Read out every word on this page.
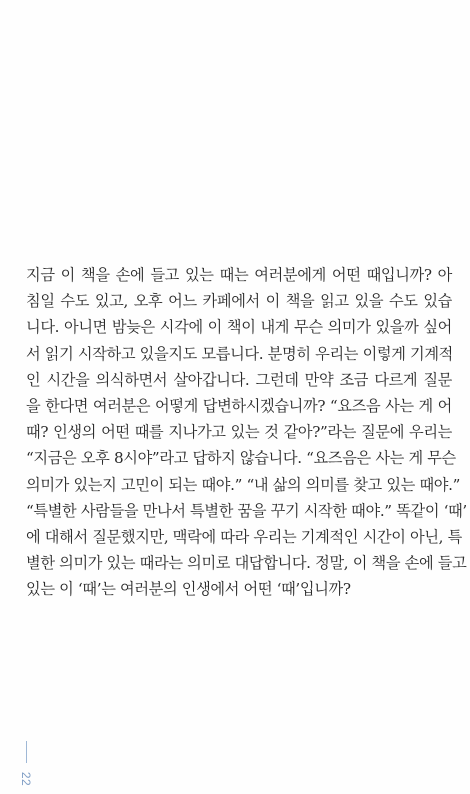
지금 이 책을 손에 들고 있는 때는 여러분에게 어떤 때입니까? 아
침일 수도 있고, 오후 어느 카페에서 이 책을 읽고 있을 수도 있습
니다. 아니면 밤늦은 시각에 이 책이 내게 무슨 의미가 있을까 싶어
서 읽기 시작하고 있을지도 모릅니다. 분명히 우리는 이렇게 기계적
인 시간을 의식하면서 살아갑니다. 그런데 만약 조금 다르게 질문
을 한다면 여러분은 어떻게 답변하시겠습니까? “요즈음 사는 게 어
때? 인생의 어떤 때를 지나가고 있는 것 같아?”라는 질문에 우리는
“지금은 오후 8시야”라고 답하지 않습니다. “요즈음은 사는 게 무슨
의미가 있는지 고민이 되는 때야.” “내 삶의 의미를 찾고 있는 때야.”
“특별한 사람들을 만나서 특별한 꿈을 꾸기 시작한 때야.” 똑같이 ‘때’
에 대해서 질문했지만, 맥락에 따라 우리는 기계적인 시간이 아닌, 특
별한 의미가 있는 때라는 의미로 대답합니다. 정말, 이 책을 손에 들고
있는 이 ‘때’는 여러분의 인생에서 어떤 ‘때’입니까?
22
